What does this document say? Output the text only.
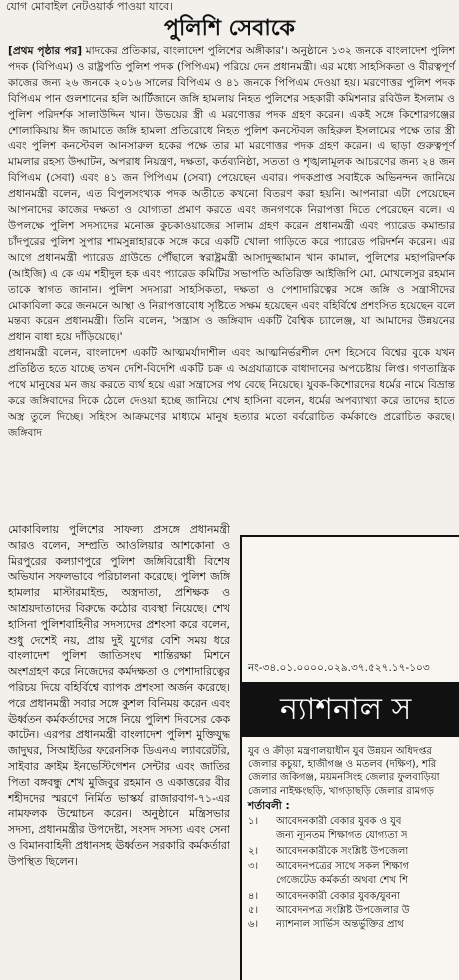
যোগ মোবাইল নেটওয়ার্ক পাওয়া যাবে।
পুলিশি সেবাকে

[প্রথম পৃষ্ঠার পর] মাদকের প্রতিকার, বাংলাদেশ পুলিশের অঙ্গীকার'। অনুষ্ঠানে ১৩২ জনকে বাংলাদেশ পুলিশ পদক (বিপিএম) ও রাষ্ট্রপতি পুলিশ পদক (পিপিএম) পরিয়ে দেন প্রধানমন্ত্রী। এর মধ্যে সাহসিকতা ও বীরত্বপূর্ণ কাজের জন্য ২৬ জনকে ২০১৬ সালের বিপিএম ও ৪১ জনকে পিপিএম দেওয়া হয়। মরণোত্তর পুলিশ পদক বিপিএম পান গুলশানের হলি আর্টিজানে জঙ্গি হামলায় নিহত পুলিশের সহকারী কমিশনার রবিউল ইসলাম ও পুলিশ পরিদর্শক সালাউদ্দিন খান। উভয়ের স্ত্রী এ মরণোত্তর পদক গ্রহণ করেন। একই সঙ্গে কিশোরগঞ্জের শোলাকিয়ায় ঈদ জামাতে জঙ্গি হামলা প্রতিরোধে নিহত পুলিশ কনস্টেবল জহিরুল ইসলামের পক্ষে তার স্ত্রী এবং পুলিশ কনস্টেবল আনসারুল হকের পক্ষে তার মা মরণোত্তর পদক গ্রহণ করেন। এ ছাড়া গুরুত্বপূর্ণ মামলার রহস্য উদ্ঘাটন, অপরাধ নিয়ন্ত্রণ, দক্ষতা, কর্তব্যনিষ্ঠা, সততা ও শৃঙ্খলামূলক আচরণের জন্য ২৪ জন বিপিএম (সেবা) এবং ৪১ জন পিপিএম (সেবা) পেয়েছেন এবার। পদকপ্রাপ্ত সবাইকে অভিনন্দন জানিয়ে প্রধানমন্ত্রী বলেন, এত বিপুলসংখ্যক পদক অতীতে কখনো বিতরণ করা হয়নি। আপনারা এটা পেয়েছেন আপনাদের কাজের দক্ষতা ও যোগ্যতা প্রমাণ করতে এবং জনগণকে নিরাপত্তা দিতে পেরেছেন বলে। এ উপলক্ষে পুলিশ সদস্যদের মনোজ্ঞ কুচকাওয়াজের সালাম গ্রহণ করেন প্রধানমন্ত্রী এবং প্যারেড কমান্ডার চাঁদপুরের পুলিশ সুপার শামসুন্নাহারকে সঙ্গে করে একটি খোলা গাড়িতে করে প্যারেড পরিদর্শন করেন। এর আগে প্রধানমন্ত্রী প্যারেড গ্রাউন্ডে পৌঁছালে স্বরাষ্ট্রমন্ত্রী আসাদুজ্জামান খান কামাল, পুলিশের মহাপরিদর্শক (আইজি) এ কে এম শহীদুল হক এবং প্যারেড কমিটির সভাপতি অতিরিক্ত আইজিপি মো. মোখলেসুর রহমান তাকে স্বাগত জানান। পুলিশ সদস্যরা সাহসিকতা, দক্ষতা ও পেশাদারিত্বের সঙ্গে জঙ্গি ও সন্ত্রাসীদের মোকাবিলা করে জনমনে আস্থা ও নিরাপত্তাবোধ সৃষ্টিতে সক্ষম হয়েছেন এবং বহির্বিশ্বে প্রশংসিত হয়েছেন বলে মন্তব্য করেন প্রধানমন্ত্রী। তিনি বলেন, 'সন্ত্রাস ও জঙ্গিবাদ একটি বৈশ্বিক চ্যালেঞ্জ, যা আমাদের উন্নয়নের প্রধান বাধা হয়ে দাঁড়িয়েছে।'

প্রধানমন্ত্রী বলেন, বাংলাদেশ একটি আত্মমর্যাদাশীল এবং আত্মনির্ভরশীল দেশ হিসেবে বিশ্বের বুকে যখন প্রতিষ্ঠিত হতে যাচ্ছে তখন দেশি-বিদেশি একটি চক্র এ অগ্রযাত্রাকে বাধাদানের অপচেষ্টায় লিপ্ত। গণতান্ত্রিক পথে মানুষের মন জয় করতে ব্যর্থ হয়ে এরা সন্ত্রাসের পথ বেছে নিয়েছে। যুবক-কিশোরদের ধর্মের নামে বিভ্রান্ত করে জঙ্গিবাদের দিকে ঠেলে দেওয়া হচ্ছে জানিয়ে শেখ হাসিনা বলেন, ধর্মের অপব্যাখ্যা করে তাদের হাতে অস্ত্র তুলে দিচ্ছে। সহিংস আক্রমণের মাধ্যমে মানুষ হত্যার মতো বর্বরোচিত কর্মকাণ্ডে প্ররোচিত করছে। জঙ্গিবাদ

মোকাবিলায় পুলিশের সাফল্য প্রসঙ্গে প্রধানমন্ত্রী আরও বলেন, সম্প্রতি আওলিয়ার আশকোনা ও মিরপুরের কল্যাণপুরে পুলিশ জঙ্গিবিরোধী বিশেষ অভিযান সফলভাবে পরিচালনা করেছে। পুলিশ জঙ্গি হামলার মাস্টারমাইন্ড, অস্ত্রদাতা, প্রশিক্ষক ও আশ্রয়দাতাদের বিরুদ্ধে কঠোর ব্যবস্থা নিয়েছে। শেখ হাসিনা পুলিশবাহিনীর সদস্যদের প্রশংসা করে বলেন, শুধু দেশেই নয়, প্রায় দুই যুগের বেশি সময় ধরে বাংলাদেশ পুলিশ জাতিসংঘ শান্তিরক্ষা মিশনে অংশগ্রহণ করে নিজেদের কর্মদক্ষতা ও পেশাদারিত্বের পরিচয় দিয়ে বহির্বিশ্বে ব্যাপক প্রশংসা অর্জন করেছে। পরে প্রধানমন্ত্রী সবার সঙ্গে কুশল বিনিময় করেন এবং ঊর্ধ্বতন কর্মকর্তাদের সঙ্গে নিয়ে পুলিশ দিবসের কেক কাটেন। এরপর প্রধানমন্ত্রী বাংলাদেশ পুলিশ মুক্তিযুদ্ধ জাদুঘর, সিআইডির ফরেনসিক ডিএনএ ল্যাবরেটরি, সাইবার ক্রাইম ইনভেস্টিগেশন সেন্টার এবং জাতির পিতা বঙ্গবন্ধু শেখ মুজিবুর রহমান ও একাত্তরের বীর শহীদদের স্মরণে নির্মিত ভাস্কর্য রাজারবাগ-৭১-এর নামফলক উন্মোচন করেন। অনুষ্ঠানে মন্ত্রিসভার সদস্য, প্রধানমন্ত্রীর উপদেষ্টা, সংসদ সদস্য এবং সেনা ও বিমানবাহিনী প্রধানসহ ঊর্ধ্বতন সরকারি কর্মকর্তারা উপস্থিত ছিলেন।

নং-৩৪.০১.০০০০.০২৯.৩৭.৫২৭.১৭-১০৩
ন্যাশনাল স
যুব ও ক্রীড়া মন্ত্রণালয়াধীন যুব উন্নয়ন অধিদপ্তর
জেলার কচুয়া, হাজীগঞ্জ ও মতলব (দক্ষিণ), শরি
জেলার জকিগঞ্জ, ময়মনসিংহ জেলার ফুলবাড়িয়া
জেলার নাইক্ষংছড়ি, খাগড়াছড়ি জেলার রামগড়
শর্তাবলী :
১।	আবেদনকারী বেকার যুবক ও যুব
জন্য ন্যূনতম শিক্ষাগত যোগ্যতা স
২।	আবেদনকারীকে সংশ্লিষ্ট উপজেলা
৩।	আবেদনপত্রের সাথে সকল শিক্ষাগ
গেজেটেড কর্মকর্তা অথবা শেখ শি
৪।	আবেদনকারী বেকার যুবক/যুবনা
৫।	আবেদনপত্র সংশ্লিষ্ট উপজেলার উ
৬।	ন্যাশনাল সার্ভিস অন্তর্ভুক্তির প্রাথ
